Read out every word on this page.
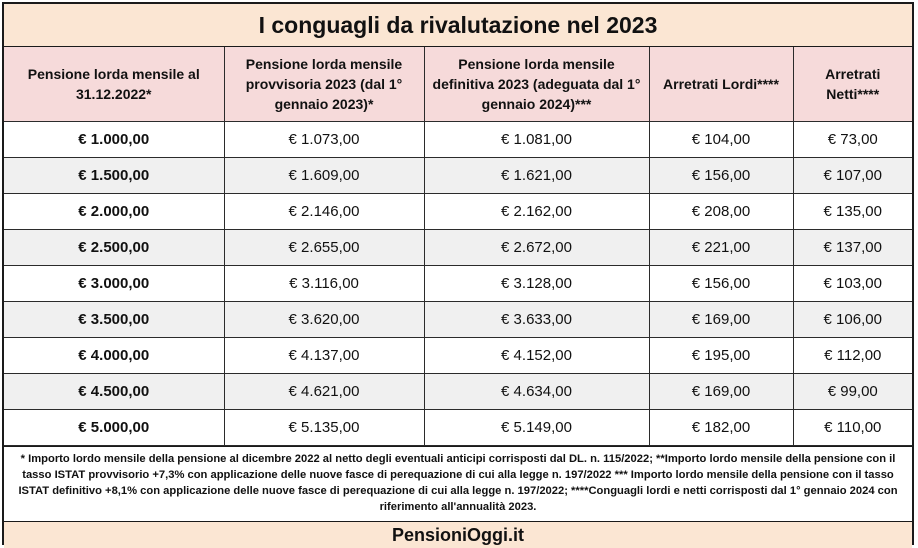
I conguagli da rivalutazione nel 2023
Pensione lorda mensile al 31.12.2022*	Pensione lorda mensile provvisoria 2023 (dal 1° gennaio 2023)*	Pensione lorda mensile definitiva 2023 (adeguata dal 1° gennaio 2024)***	Arretrati Lordi****	Arretrati Netti****
€ 1.000,00	€ 1.073,00	€ 1.081,00	€ 104,00	€ 73,00
€ 1.500,00	€ 1.609,00	€ 1.621,00	€ 156,00	€ 107,00
€ 2.000,00	€ 2.146,00	€ 2.162,00	€ 208,00	€ 135,00
€ 2.500,00	€ 2.655,00	€ 2.672,00	€ 221,00	€ 137,00
€ 3.000,00	€ 3.116,00	€ 3.128,00	€ 156,00	€ 103,00
€ 3.500,00	€ 3.620,00	€ 3.633,00	€ 169,00	€ 106,00
€ 4.000,00	€ 4.137,00	€ 4.152,00	€ 195,00	€ 112,00
€ 4.500,00	€ 4.621,00	€ 4.634,00	€ 169,00	€ 99,00
€ 5.000,00	€ 5.135,00	€ 5.149,00	€ 182,00	€ 110,00
* Importo lordo mensile della pensione al dicembre 2022 al netto degli eventuali anticipi corrisposti dal DL. n. 115/2022; **Importo lordo mensile della pensione con il tasso ISTAT provvisorio +7,3% con applicazione delle nuove fasce di perequazione di cui alla legge n. 197/2022 *** Importo lordo mensile della pensione con il tasso ISTAT definitivo +8,1% con applicazione delle nuove fasce di perequazione di cui alla legge n. 197/2022; ****Conguagli lordi e netti corrisposti dal 1° gennaio 2024 con riferimento all'annualità 2023.
PensioniOggi.it
